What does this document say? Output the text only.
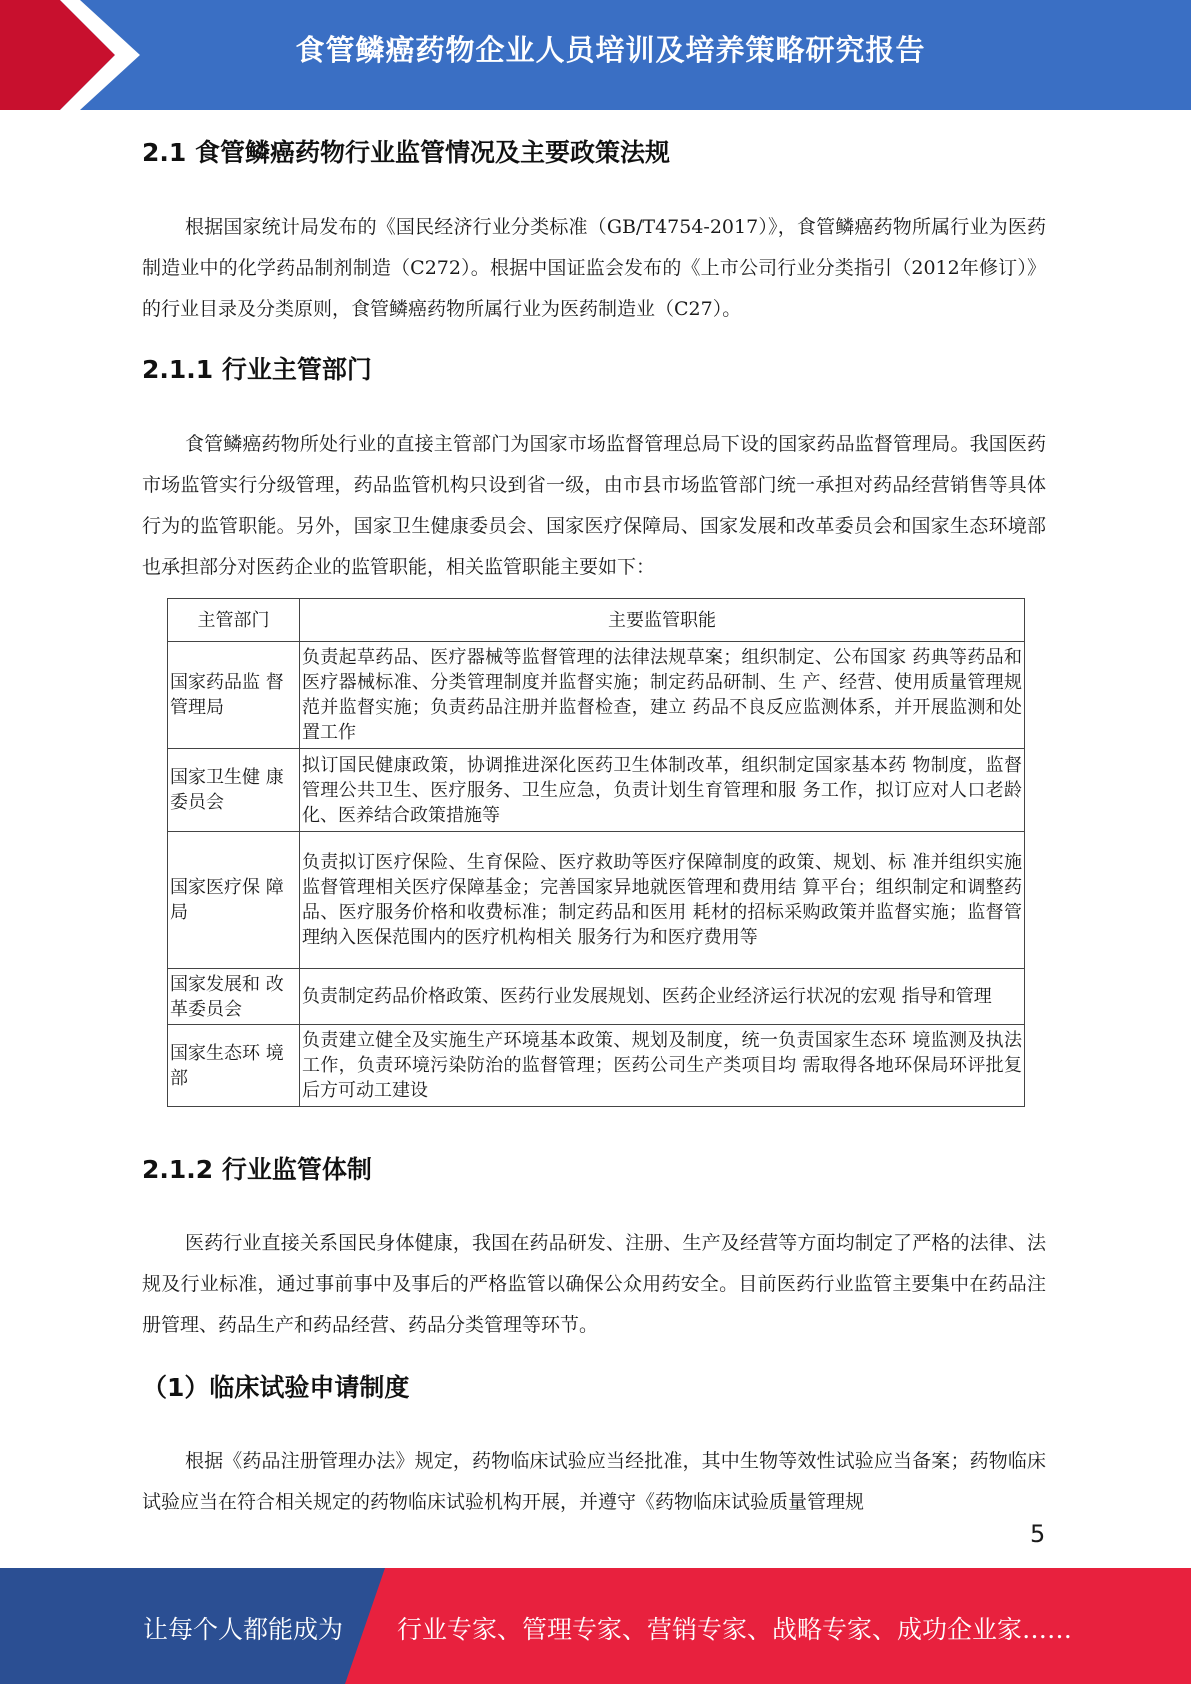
食管鳞癌药物企业人员培训及培养策略研究报告
2.1 食管鳞癌药物行业监管情况及主要政策法规

根据国家统计局发布的《国民经济行业分类标准（GB/T4754-2017）》，食管鳞癌药物所属行业为医药制造业中的化学药品制剂制造（C272）。根据中国证监会发布的《上市公司行业分类指引（2012年修订）》的行业目录及分类原则，食管鳞癌药物所属行业为医药制造业（C27）。

2.1.1 行业主管部门

食管鳞癌药物所处行业的直接主管部门为国家市场监督管理总局下设的国家药品监督管理局。我国医药市场监管实行分级管理，药品监管机构只设到省一级，由市县市场监管部门统一承担对药品经营销售等具体行为的监管职能。另外，国家卫生健康委员会、国家医疗保障局、国家发展和改革委员会和国家生态环境部也承担部分对医药企业的监管职能，相关监管职能主要如下：

主管部门	主要监管职能
国家药品监 督管理局	负责起草药品、医疗器械等监督管理的法律法规草案；组织制定、公布国家 药典等药品和医疗器械标准、分类管理制度并监督实施；制定药品研制、生 产、经营、使用质量管理规范并监督实施；负责药品注册并监督检查，建立 药品不良反应监测体系，并开展监测和处置工作
国家卫生健 康委员会	拟订国民健康政策，协调推进深化医药卫生体制改革，组织制定国家基本药 物制度，监督管理公共卫生、医疗服务、卫生应急，负责计划生育管理和服 务工作，拟订应对人口老龄化、医养结合政策措施等
国家医疗保 障局	负责拟订医疗保险、生育保险、医疗救助等医疗保障制度的政策、规划、标 准并组织实施监督管理相关医疗保障基金；完善国家异地就医管理和费用结 算平台；组织制定和调整药品、医疗服务价格和收费标准；制定药品和医用 耗材的招标采购政策并监督实施；监督管理纳入医保范围内的医疗机构相关 服务行为和医疗费用等
国家发展和 改革委员会	负责制定药品价格政策、医药行业发展规划、医药企业经济运行状况的宏观 指导和管理
国家生态环 境部	负责建立健全及实施生产环境基本政策、规划及制度，统一负责国家生态环 境监测及执法工作，负责环境污染防治的监督管理；医药公司生产类项目均 需取得各地环保局环评批复后方可动工建设
2.1.2 行业监管体制

医药行业直接关系国民身体健康，我国在药品研发、注册、生产及经营等方面均制定了严格的法律、法规及行业标准，通过事前事中及事后的严格监管以确保公众用药安全。目前医药行业监管主要集中在药品注册管理、药品生产和药品经营、药品分类管理等环节。

（1）临床试验申请制度

根据《药品注册管理办法》规定，药物临床试验应当经批准，其中生物等效性试验应当备案；药物临床试验应当在符合相关规定的药物临床试验机构开展，并遵守《药物临床试验质量管理规

5
让每个人都能成为 行业专家、管理专家、营销专家、战略专家、成功企业家……
